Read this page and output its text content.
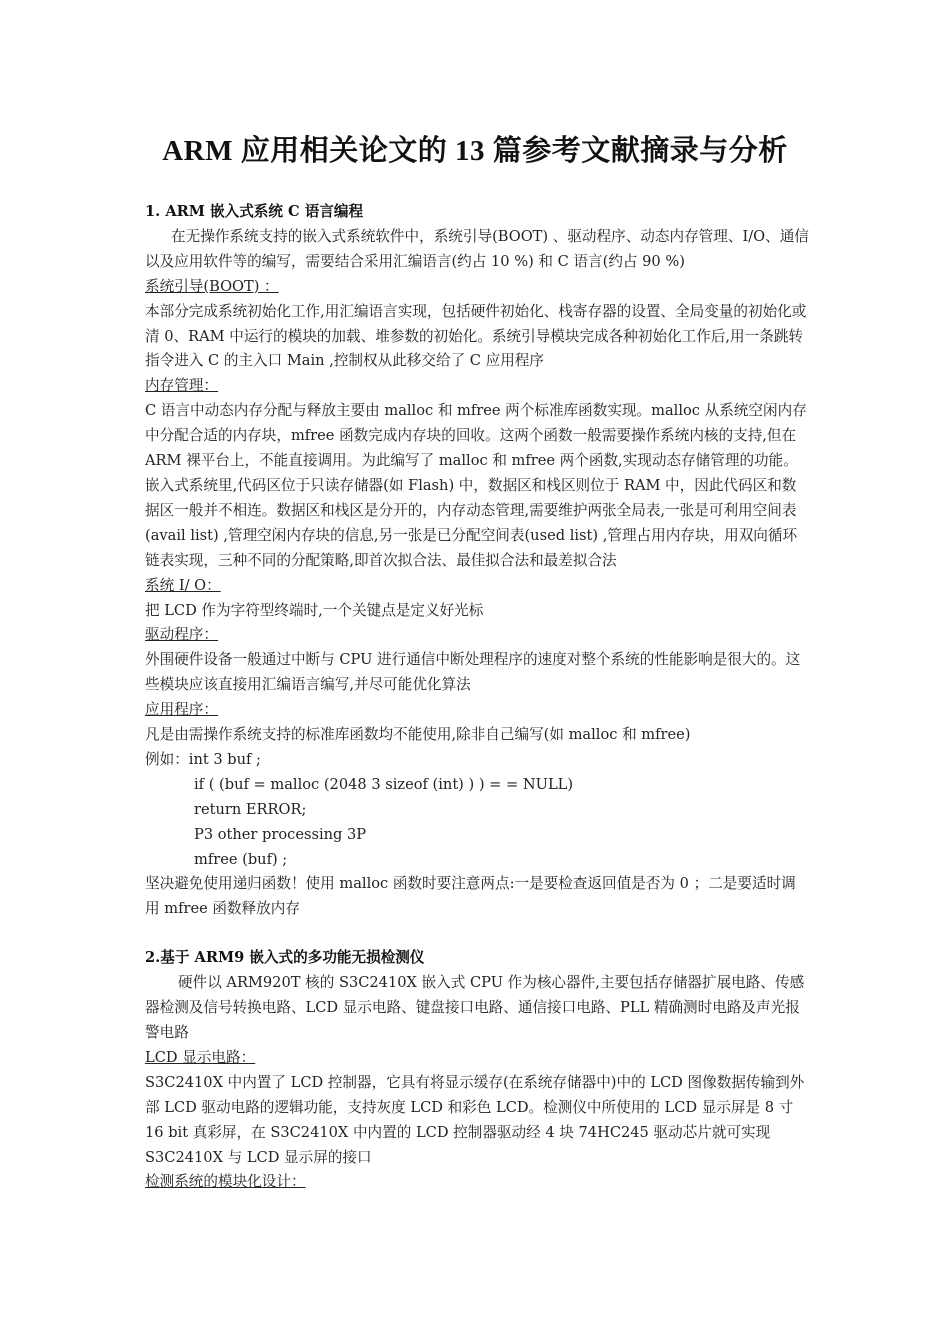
ARM 应用相关论文的 13 篇参考文献摘录与分析

1. ARM 嵌入式系统 C 语言编程

在无操作系统支持的嵌入式系统软件中，系统引导(BOOT) 、驱动程序、动态内存管理、I/O、通信以及应用软件等的编写，需要结合采用汇编语言(约占 10 %) 和 C 语言(约占 90 %)

系统引导(BOOT) ：

本部分完成系统初始化工作,用汇编语言实现，包括硬件初始化、栈寄存器的设置、全局变量的初始化或清 0、RAM 中运行的模块的加载、堆参数的初始化。系统引导模块完成各种初始化工作后,用一条跳转指令进入 C 的主入口 Main ,控制权从此移交给了 C 应用程序

内存管理：

C 语言中动态内存分配与释放主要由 malloc 和 mfree 两个标准库函数实现。malloc 从系统空闲内存中分配合适的内存块，mfree 函数完成内存块的回收。这两个函数一般需要操作系统内核的支持,但在 ARM 裸平台上，不能直接调用。为此编写了 malloc 和 mfree 两个函数,实现动态存储管理的功能。嵌入式系统里,代码区位于只读存储器(如 Flash) 中，数据区和栈区则位于 RAM 中，因此代码区和数据区一般并不相连。数据区和栈区是分开的，内存动态管理,需要维护两张全局表,一张是可利用空间表(avail list) ,管理空闲内存块的信息,另一张是已分配空间表(used list) ,管理占用内存块，用双向循环链表实现，三种不同的分配策略,即首次拟合法、最佳拟合法和最差拟合法

系统 I/ O：

把 LCD 作为字符型终端时,一个关键点是定义好光标

驱动程序：

外围硬件设备一般通过中断与 CPU 进行通信中断处理程序的速度对整个系统的性能影响是很大的。这些模块应该直接用汇编语言编写,并尽可能优化算法

应用程序：

凡是由需操作系统支持的标准库函数均不能使用,除非自己编写(如 malloc 和 mfree)

例如：int 3 buf ;

if ( (buf = malloc (2048 3 sizeof (int) ) ) = = NULL)

return ERROR;

P3 other processing 3P

mfree (buf) ;

坚决避免使用递归函数！使用 malloc 函数时要注意两点:一是要检查返回值是否为 0 ；二是要适时调用 mfree 函数释放内存

2.基于 ARM9 嵌入式的多功能无损检测仪

硬件以 ARM920T 核的 S3C2410X 嵌入式 CPU 作为核心器件,主要包括存储器扩展电路、传感器检测及信号转换电路、LCD 显示电路、键盘接口电路、通信接口电路、PLL 精确测时电路及声光报警电路

LCD 显示电路：

S3C2410X 中内置了 LCD 控制器，它具有将显示缓存(在系统存储器中)中的 LCD 图像数据传输到外部 LCD 驱动电路的逻辑功能，支持灰度 LCD 和彩色 LCD。检测仪中所使用的 LCD 显示屏是 8 寸 16 bit 真彩屏，在 S3C2410X 中内置的 LCD 控制器驱动经 4 块 74HC245 驱动芯片就可实现 S3C2410X 与 LCD 显示屏的接口

检测系统的模块化设计：
